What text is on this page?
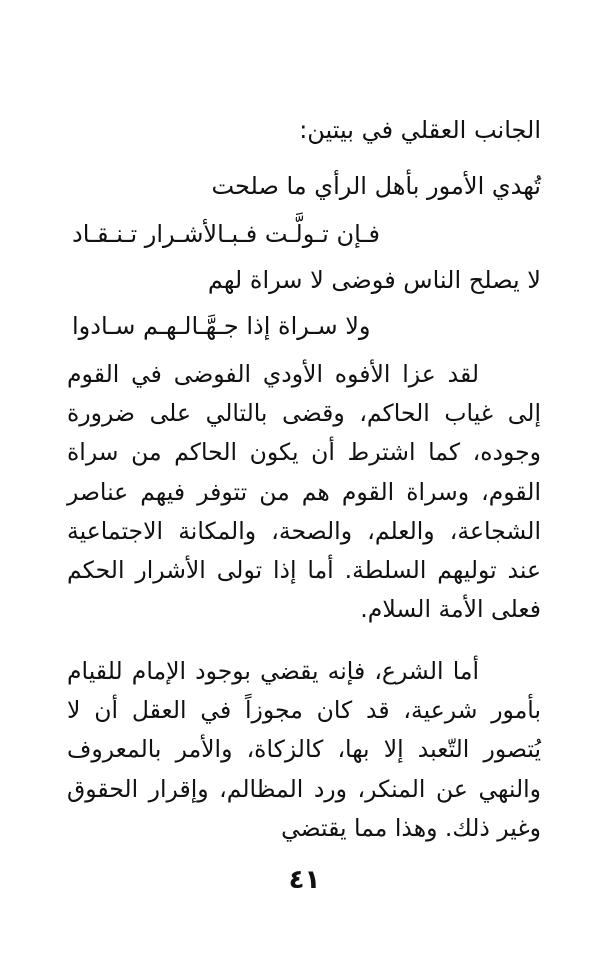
الجانب العقلي في بيتين:
تُهدي الأمور بأهل الرأي ما صلحت
فـإن تـولَّـت فـبـالأشـرار تـنـقـاد
لا يصلح الناس فوضى لا سراة لهم
ولا سـراة إذا جـهَّـالـهـم سـادوا

لقد عزا الأفوه الأودي الفوضى في القوم إلى غياب الحاكم، وقضى بالتالي على ضرورة وجوده، كما اشترط أن يكون الحاكم من سراة القوم، وسراة القوم هم من تتوفر فيهم عناصر الشجاعة، والعلم، والصحة، والمكانة الاجتماعية عند توليهم السلطة. أما إذا تولى الأشرار الحكم فعلى الأمة السلام.

أما الشرع، فإنه يقضي بوجود الإمام للقيام بأمور شرعية، قد كان مجوزاً في العقل أن لا يُتصور التّعبد إلا بها، كالزكاة، والأمر بالمعروف والنهي عن المنكر، ورد المظالم، وإقرار الحقوق وغير ذلك. وهذا مما يقتضي

٤١
